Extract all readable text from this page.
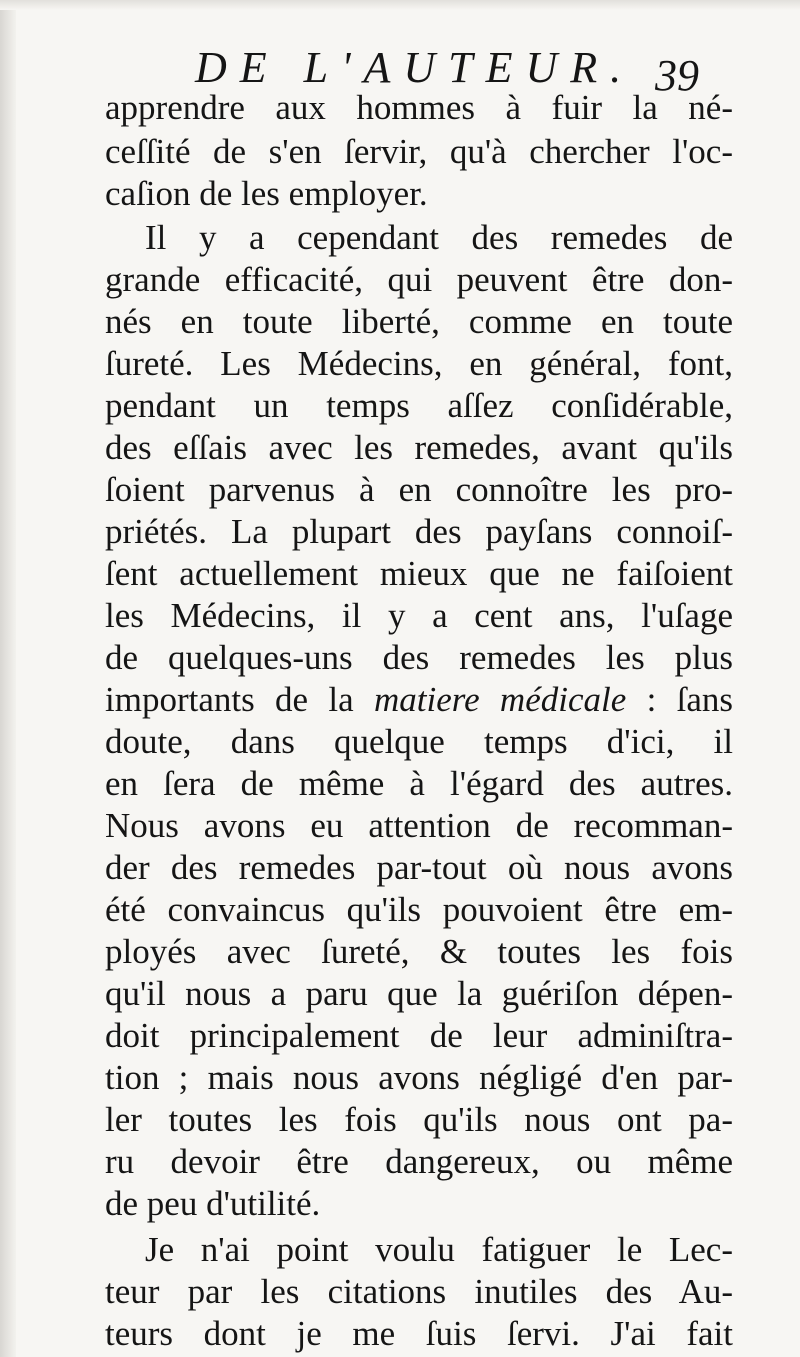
DE L'AUTEUR. 39
apprendre aux hommes à fuir la né-
ceſſité de s'en ſervir, qu'à chercher l'oc-
caſion de les employer.
Il y a cependant des remedes de
grande efficacité, qui peuvent être don-
nés en toute liberté, comme en toute
ſureté. Les Médecins, en général, font,
pendant un temps aſſez conſidérable,
des eſſais avec les remedes, avant qu'ils
ſoient parvenus à en connoître les pro-
priétés. La plupart des payſans connoiſ-
ſent actuellement mieux que ne faiſoient
les Médecins, il y a cent ans, l'uſage
de quelques-uns des remedes les plus
importants de la matiere médicale : ſans
doute, dans quelque temps d'ici, il
en ſera de même à l'égard des autres.
Nous avons eu attention de recomman-
der des remedes par-tout où nous avons
été convaincus qu'ils pouvoient être em-
ployés avec ſureté, & toutes les fois
qu'il nous a paru que la guériſon dépen-
doit principalement de leur adminiſtra-
tion ; mais nous avons négligé d'en par-
ler toutes les fois qu'ils nous ont pa-
ru devoir être dangereux, ou même
de peu d'utilité.
Je n'ai point voulu fatiguer le Lec-
teur par les citations inutiles des Au-
teurs dont je me ſuis ſervi. J'ai fait
